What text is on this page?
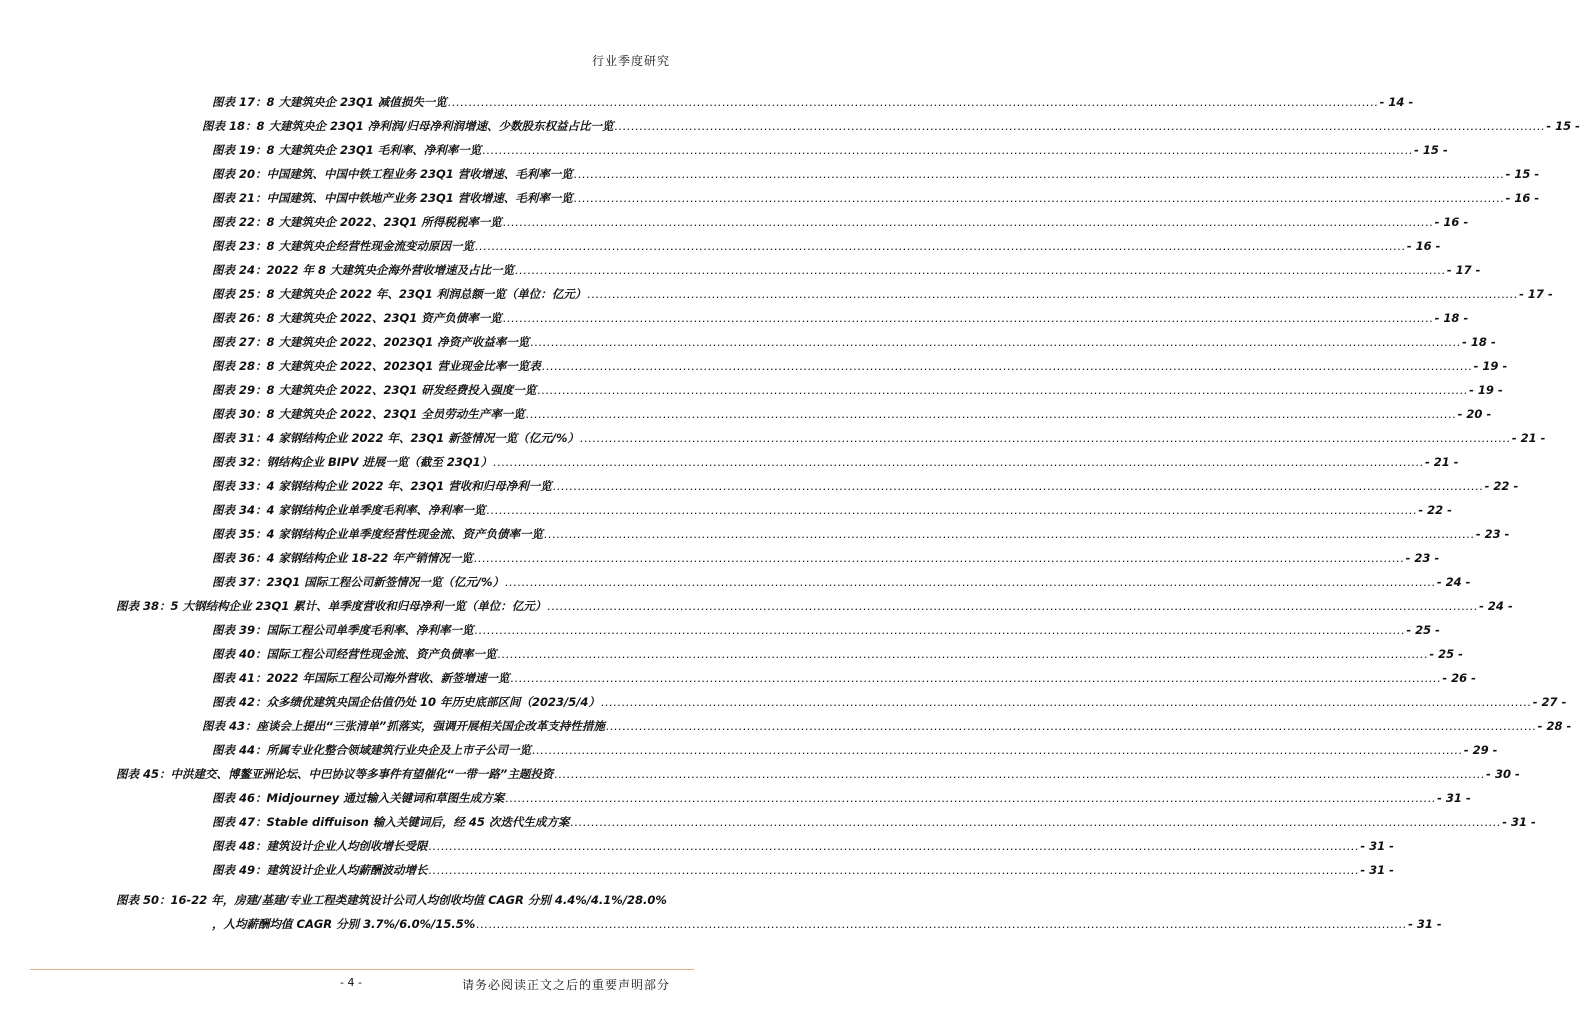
行业季度研究
图表 17：8 大建筑央企 23Q1 减值损失一览 .....	- 14 -
图表 18：8 大建筑央企 23Q1 净利润/归母净利润增速、少数股东权益占比一览 .....	- 15 -
图表 19：8 大建筑央企 23Q1 毛利率、净利率一览 .....	- 15 -
图表 20：中国建筑、中国中铁工程业务 23Q1 营收增速、毛利率一览 .....	- 15 -
图表 21：中国建筑、中国中铁地产业务 23Q1 营收增速、毛利率一览 .....	- 16 -
图表 22：8 大建筑央企 2022、23Q1 所得税税率一览 .....	- 16 -
图表 23：8 大建筑央企经营性现金流变动原因一览 .....	- 16 -
图表 24：2022 年 8 大建筑央企海外营收增速及占比一览 .....	- 17 -
图表 25：8 大建筑央企 2022 年、23Q1 利润总额一览（单位：亿元） .....	- 17 -
图表 26：8 大建筑央企 2022、23Q1 资产负债率一览 .....	- 18 -
图表 27：8 大建筑央企 2022、2023Q1 净资产收益率一览 .....	- 18 -
图表 28：8 大建筑央企 2022、2023Q1 营业现金比率一览表 .....	- 19 -
图表 29：8 大建筑央企 2022、23Q1 研发经费投入强度一览 .....	- 19 -
图表 30：8 大建筑央企 2022、23Q1 全员劳动生产率一览 .....	- 20 -
图表 31：4 家钢结构企业 2022 年、23Q1 新签情况一览（亿元/%） .....	- 21 -
图表 32：钢结构企业 BIPV 进展一览（截至 23Q1） .....	- 21 -
图表 33：4 家钢结构企业 2022 年、23Q1 营收和归母净利一览 .....	- 22 -
图表 34：4 家钢结构企业单季度毛利率、净利率一览 .....	- 22 -
图表 35：4 家钢结构企业单季度经营性现金流、资产负债率一览 .....	- 23 -
图表 36：4 家钢结构企业 18-22 年产销情况一览 .....	- 23 -
图表 37：23Q1 国际工程公司新签情况一览（亿元/%） .....	- 24 -
图表 38：5 大钢结构企业 23Q1 累计、单季度营收和归母净利一览（单位：亿元） .....	- 24 -
图表 39：国际工程公司单季度毛利率、净利率一览 .....	- 25 -
图表 40：国际工程公司经营性现金流、资产负债率一览 .....	- 25 -
图表 41：2022 年国际工程公司海外营收、新签增速一览 .....	- 26 -
图表 42：众多绩优建筑央国企估值仍处 10 年历史底部区间（2023/5/4） .....	- 27 -
图表 43：座谈会上提出“三张清单”抓落实，强调开展相关国企改革支持性措施 .....	- 28 -
图表 44：所属专业化整合领域建筑行业央企及上市子公司一览 .....	- 29 -
图表 45：中洪建交、博鳌亚洲论坛、中巴协议等多事件有望催化“一带一路”主题投资 .....	- 30 -
图表 46：Midjourney 通过输入关键词和草图生成方案 .....	- 31 -
图表 47：Stable diffuison 输入关键词后，经 45 次迭代生成方案 .....	- 31 -
图表 48：建筑设计企业人均创收增长受限 .....	- 31 -
图表 49：建筑设计企业人均薪酬波动增长 .....	- 31 -
图表 50：16-22 年，房建/基建/专业工程类建筑设计公司人均创收均值 CAGR 分别 4.4%/4.1%/28.0%
，人均薪酬均值 CAGR 分别 3.7%/6.0%/15.5% .....	- 31 -
- 4 -	请务必阅读正文之后的重要声明部分
